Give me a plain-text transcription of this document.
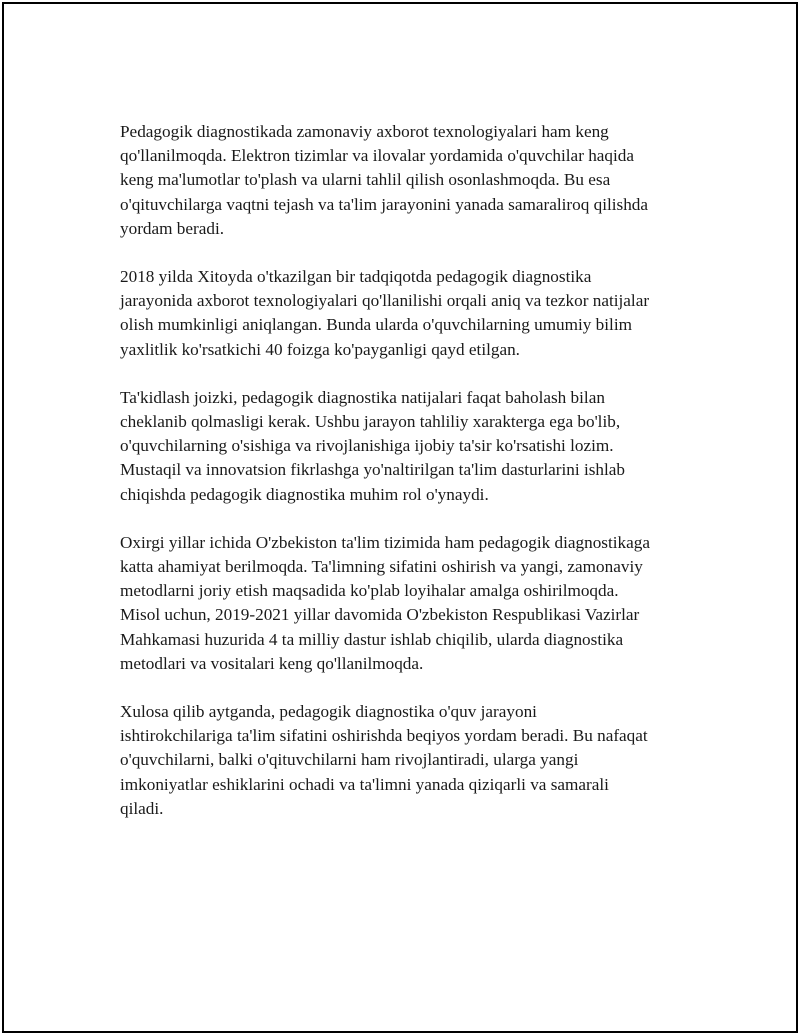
Pedagogik diagnostikada zamonaviy axborot texnologiyalari ham keng
qo'llanilmoqda. Elektron tizimlar va ilovalar yordamida o'quvchilar haqida
keng ma'lumotlar to'plash va ularni tahlil qilish osonlashmoqda. Bu esa
o'qituvchilarga vaqtni tejash va ta'lim jarayonini yanada samaraliroq qilishda
yordam beradi.

2018 yilda Xitoyda o'tkazilgan bir tadqiqotda pedagogik diagnostika
jarayonida axborot texnologiyalari qo'llanilishi orqali aniq va tezkor natijalar
olish mumkinligi aniqlangan. Bunda ularda o'quvchilarning umumiy bilim
yaxlitlik ko'rsatkichi 40 foizga ko'payganligi qayd etilgan.

Ta'kidlash joizki, pedagogik diagnostika natijalari faqat baholash bilan
cheklanib qolmasligi kerak. Ushbu jarayon tahliliy xarakterga ega bo'lib,
o'quvchilarning o'sishiga va rivojlanishiga ijobiy ta'sir ko'rsatishi lozim.
Mustaqil va innovatsion fikrlashga yo'naltirilgan ta'lim dasturlarini ishlab
chiqishda pedagogik diagnostika muhim rol o'ynaydi.

Oxirgi yillar ichida O'zbekiston ta'lim tizimida ham pedagogik diagnostikaga
katta ahamiyat berilmoqda. Ta'limning sifatini oshirish va yangi, zamonaviy
metodlarni joriy etish maqsadida ko'plab loyihalar amalga oshirilmoqda.
Misol uchun, 2019-2021 yillar davomida O'zbekiston Respublikasi Vazirlar
Mahkamasi huzurida 4 ta milliy dastur ishlab chiqilib, ularda diagnostika
metodlari va vositalari keng qo'llanilmoqda.

Xulosa qilib aytganda, pedagogik diagnostika o'quv jarayoni
ishtirokchilariga ta'lim sifatini oshirishda beqiyos yordam beradi. Bu nafaqat
o'quvchilarni, balki o'qituvchilarni ham rivojlantiradi, ularga yangi
imkoniyatlar eshiklarini ochadi va ta'limni yanada qiziqarli va samarali
qiladi.
